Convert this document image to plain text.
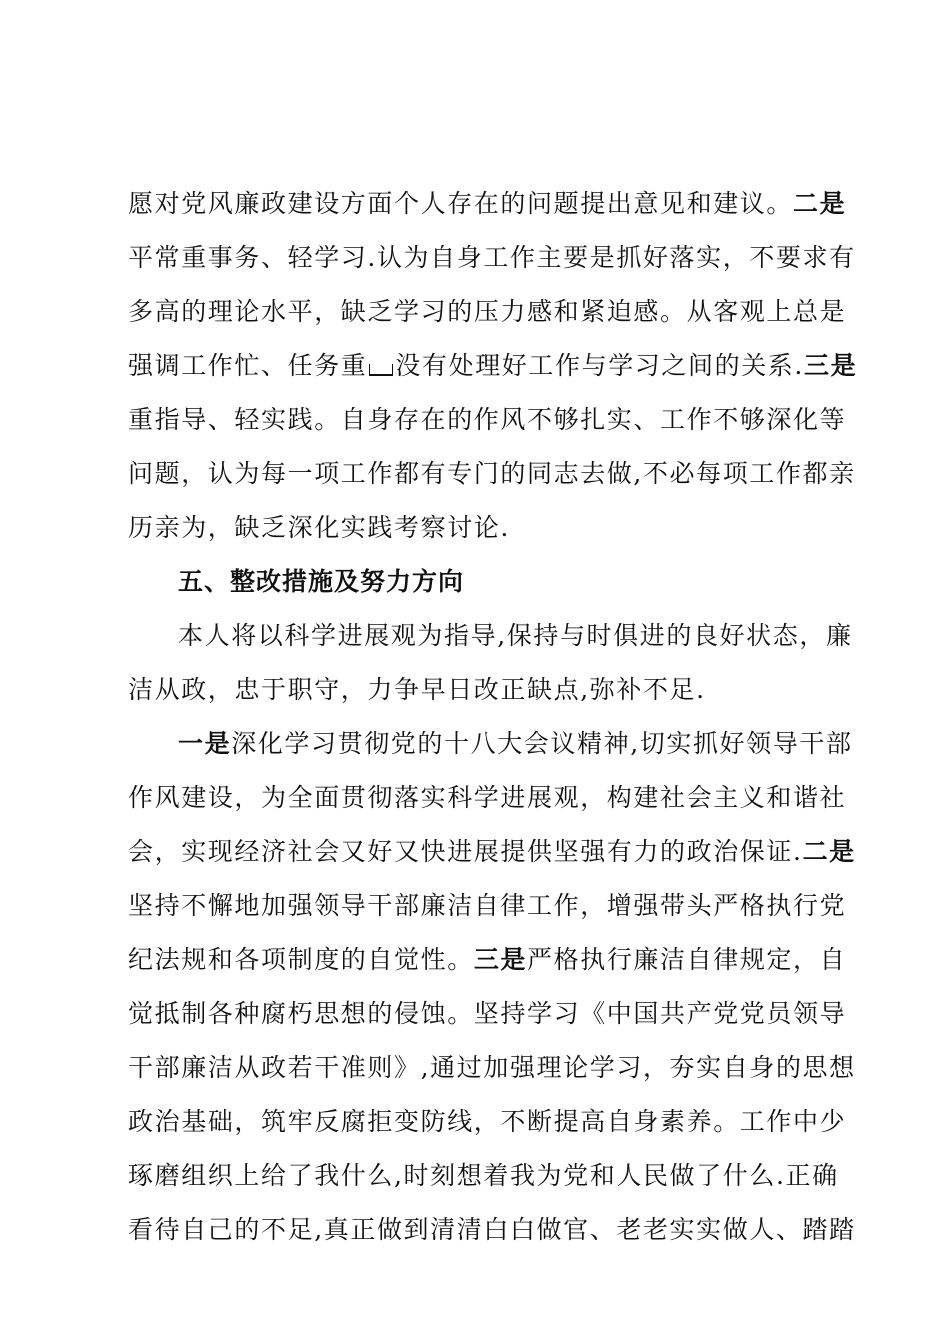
愿对党风廉政建设方面个人存在的问题提出意见和建议。二是
平常重事务、轻学习.认为自身工作主要是抓好落实，不要求有
多高的理论水平，缺乏学习的压力感和紧迫感。从客观上总是
强调工作忙、任务重 没有处理好工作与学习之间的关系.三是
重指导、轻实践。自身存在的作风不够扎实、工作不够深化等
问题，认为每一项工作都有专门的同志去做,不必每项工作都亲
历亲为，缺乏深化实践考察讨论.
五、整改措施及努力方向
本人将以科学进展观为指导,保持与时俱进的良好状态，廉
洁从政，忠于职守，力争早日改正缺点,弥补不足.
一是深化学习贯彻党的十八大会议精神,切实抓好领导干部
作风建设，为全面贯彻落实科学进展观，构建社会主义和谐社
会，实现经济社会又好又快进展提供坚强有力的政治保证.二是
坚持不懈地加强领导干部廉洁自律工作，增强带头严格执行党
纪法规和各项制度的自觉性。三是严格执行廉洁自律规定，自
觉抵制各种腐朽思想的侵蚀。坚持学习《中国共产党党员领导
干部廉洁从政若干准则》,通过加强理论学习，夯实自身的思想
政治基础，筑牢反腐拒变防线，不断提高自身素养。工作中少
琢磨组织上给了我什么,时刻想着我为党和人民做了什么.正确
看待自己的不足,真正做到清清白白做官、老老实实做人、踏踏
